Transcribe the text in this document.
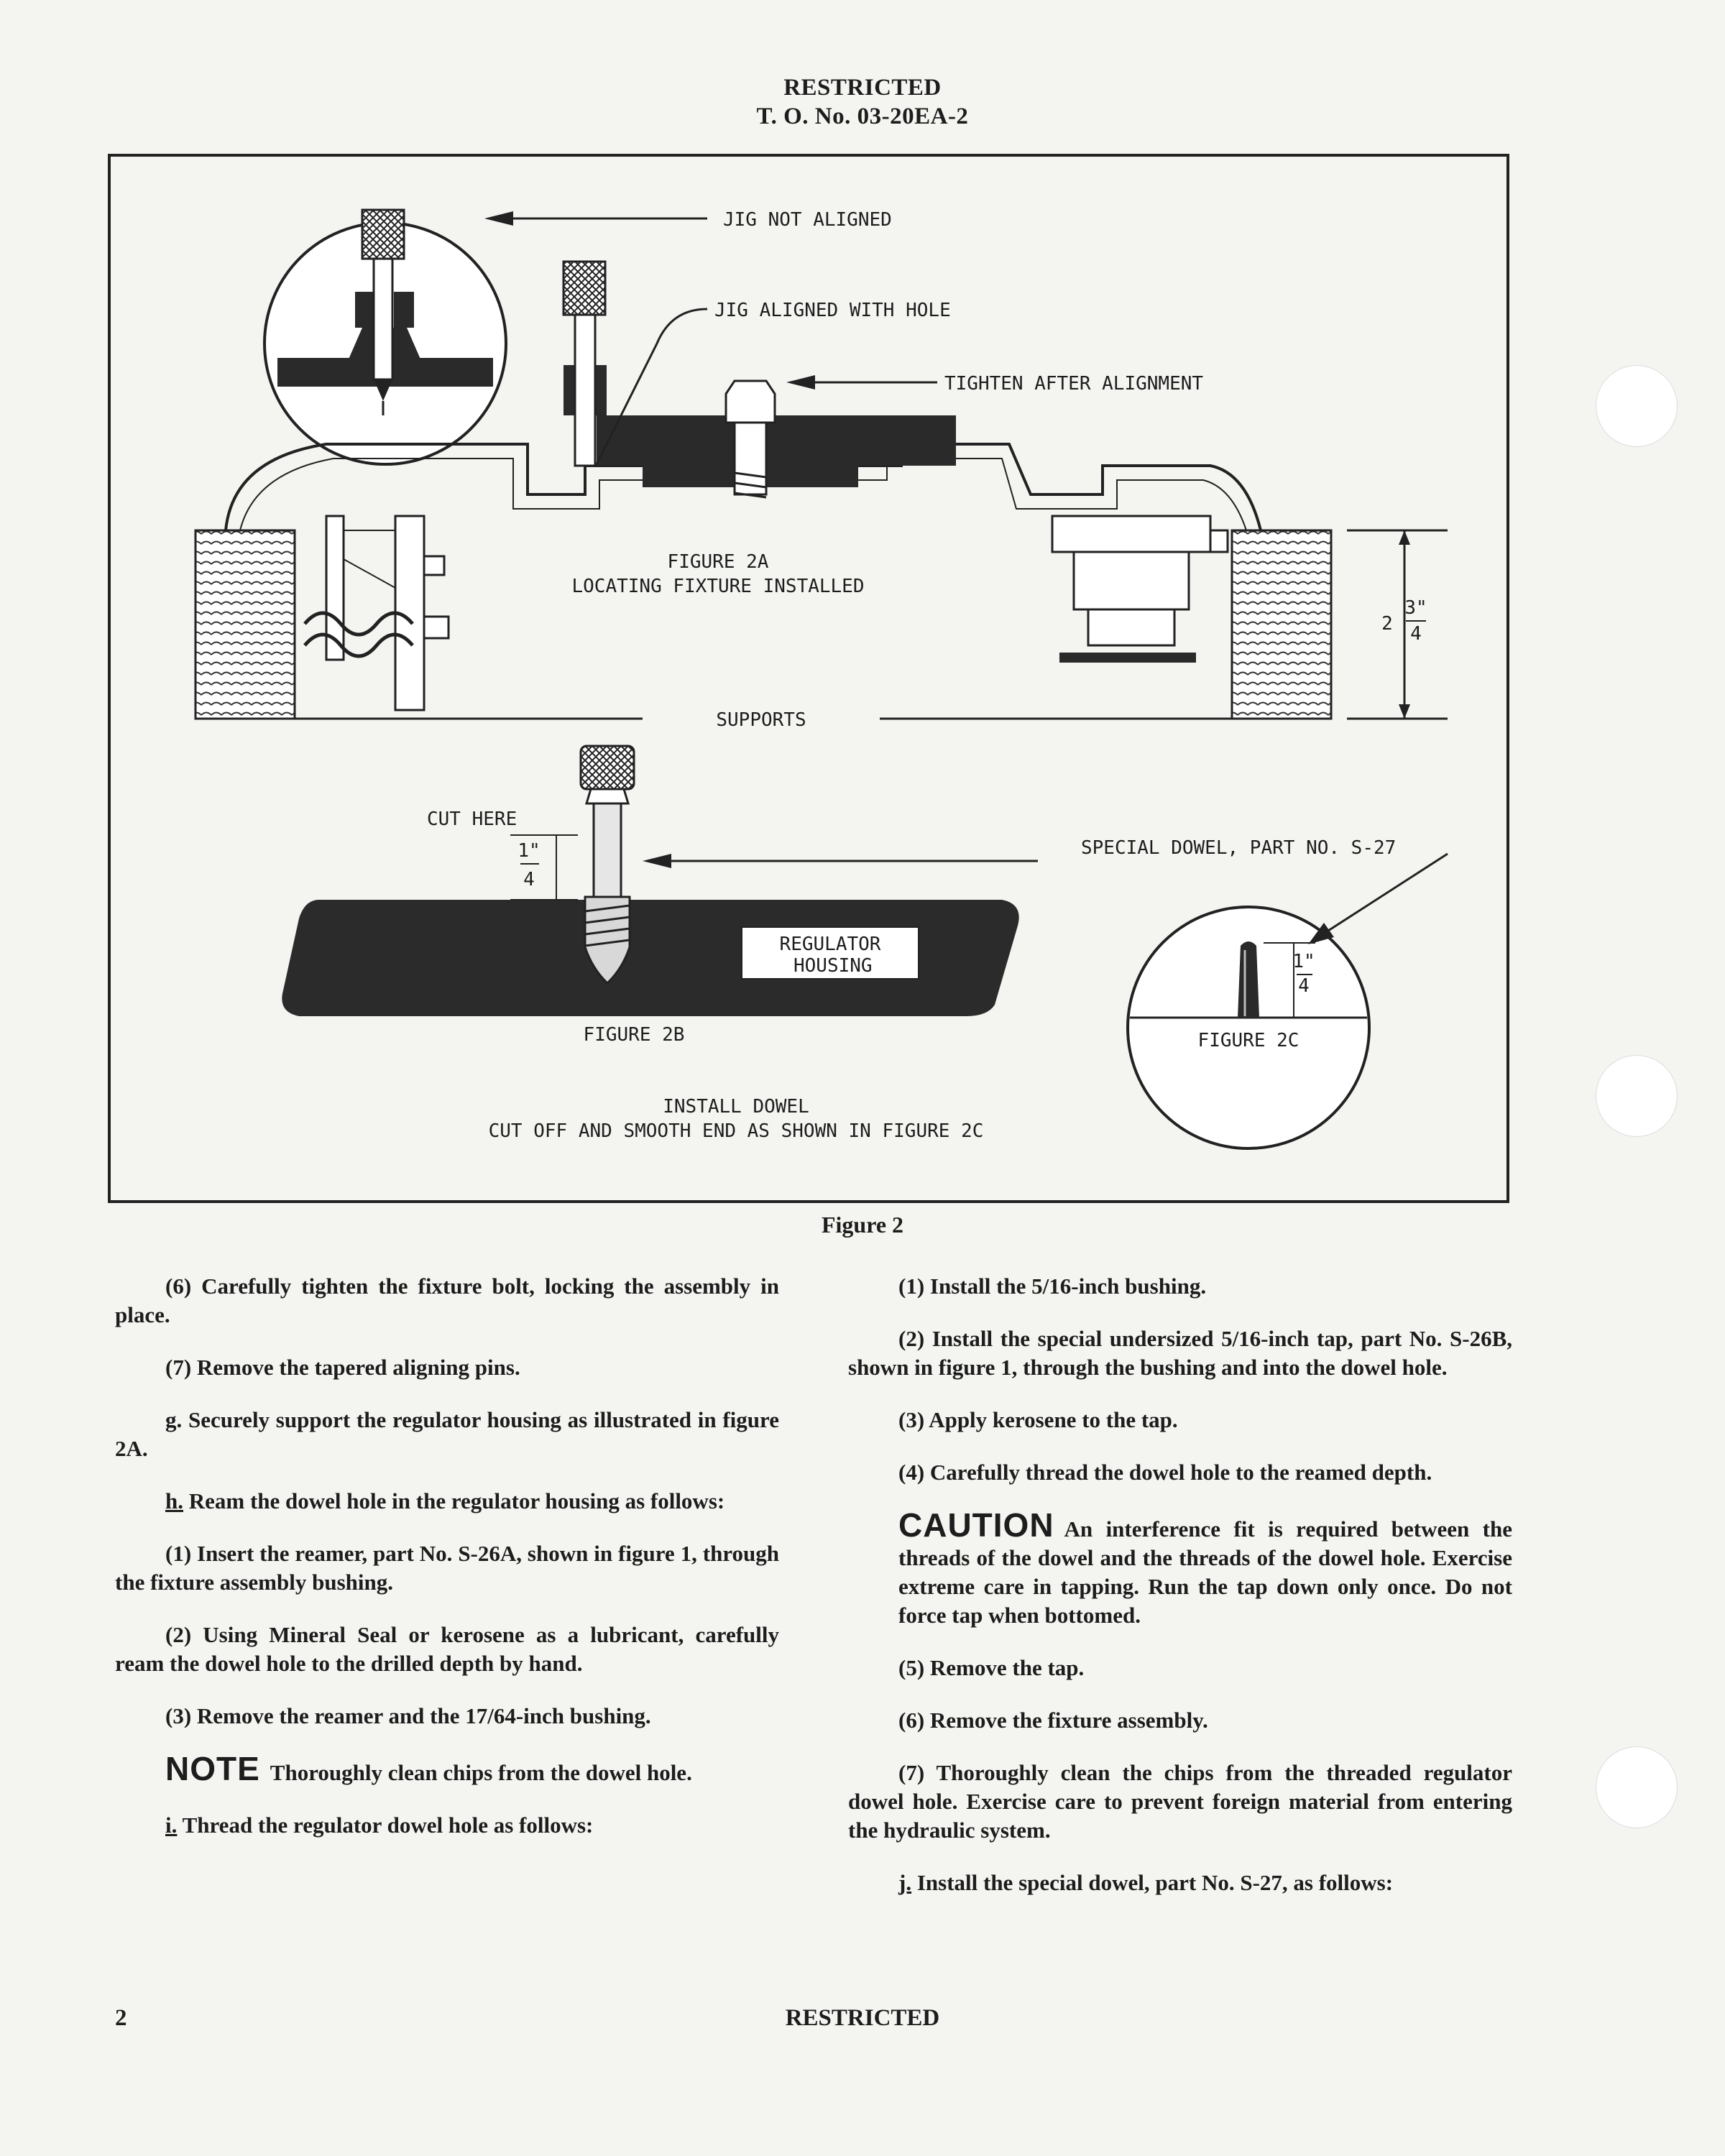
RESTRICTED
T. O. No. 03-20EA-2
JIG NOT ALIGNED
JIG ALIGNED WITH HOLE
TIGHTEN AFTER ALIGNMENT
FIGURE 2A
LOCATING FIXTURE INSTALLED
2
3"
4
SUPPORTS
CUT HERE
1"
4
SPECIAL DOWEL, PART NO. S-27
REGULATOR
HOUSING
FIGURE 2B	FIGURE 2C
1"
4
INSTALL DOWEL
CUT OFF AND SMOOTH END AS SHOWN IN FIGURE 2C
Figure 2

(6) Carefully tighten the fixture bolt, locking the assembly in place.

(7) Remove the tapered aligning pins.

g. Securely support the regulator housing as illustrated in figure 2A.

h. Ream the dowel hole in the regulator housing as follows:

(1) Insert the reamer, part No. S-26A, shown in figure 1, through the fixture assembly bushing.

(2) Using Mineral Seal or kerosene as a lubricant, carefully ream the dowel hole to the drilled depth by hand.

(3) Remove the reamer and the 17/64-inch bushing.

NOTE Thoroughly clean chips from the dowel hole.

i. Thread the regulator dowel hole as follows:

(1) Install the 5/16-inch bushing.

(2) Install the special undersized 5/16-inch tap, part No. S-26B, shown in figure 1, through the bushing and into the dowel hole.

(3) Apply kerosene to the tap.

(4) Carefully thread the dowel hole to the reamed depth.

CAUTION An interference fit is required between the threads of the dowel and the threads of the dowel hole. Exercise extreme care in tapping. Run the tap down only once. Do not force tap when bottomed.

(5) Remove the tap.

(6) Remove the fixture assembly.

(7) Thoroughly clean the chips from the threaded regulator dowel hole. Exercise care to prevent foreign material from entering the hydraulic system.

j. Install the special dowel, part No. S-27, as follows:

2	RESTRICTED
